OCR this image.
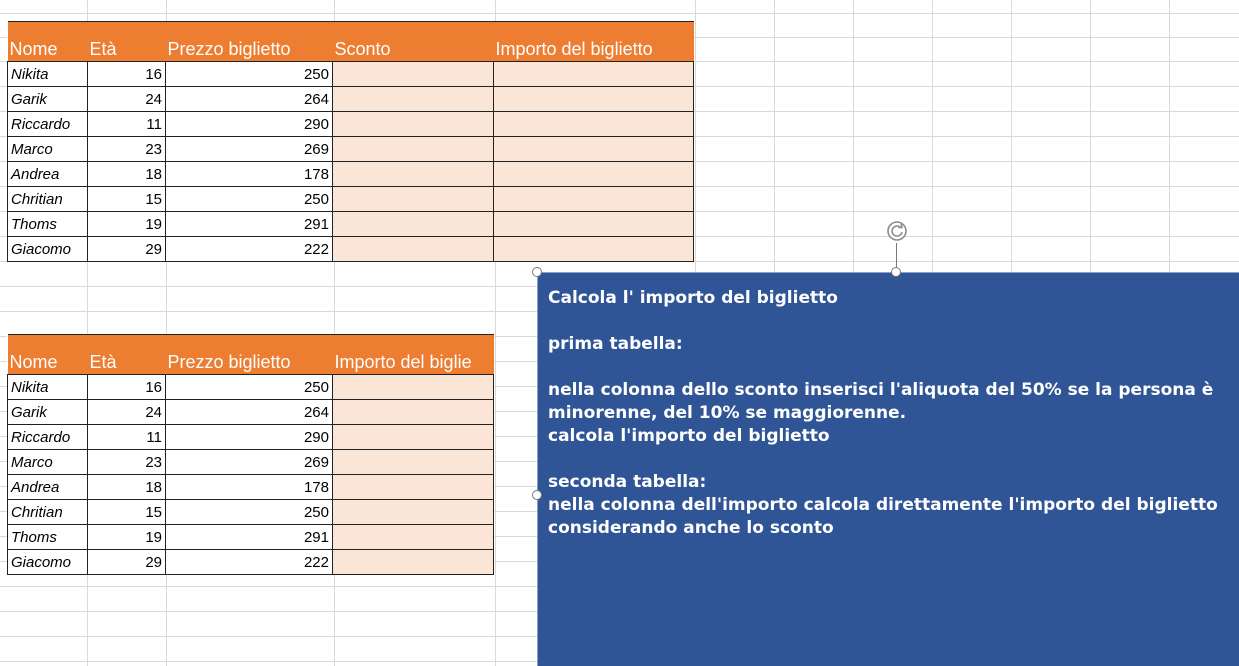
Nome	Età	Prezzo biglietto	Sconto	Importo del biglietto
Nikita	16	250		
Garik	24	264		
Riccardo	11	290		
Marco	23	269		
Andrea	18	178		
Chritian	15	250		
Thoms	19	291		
Giacomo	29	222		
Nome	Età	Prezzo biglietto	Importo del biglie
Nikita	16	250	
Garik	24	264	
Riccardo	11	290	
Marco	23	269	
Andrea	18	178	
Chritian	15	250	
Thoms	19	291	
Giacomo	29	222	

Calcola l' importo del biglietto

prima tabella:

nella colonna dello sconto inserisci l'aliquota del 50% se la persona è

minorenne, del 10% se maggiorenne.

calcola l'importo del biglietto

seconda tabella:

nella colonna dell'importo calcola direttamente l'importo del biglietto

considerando anche lo sconto
